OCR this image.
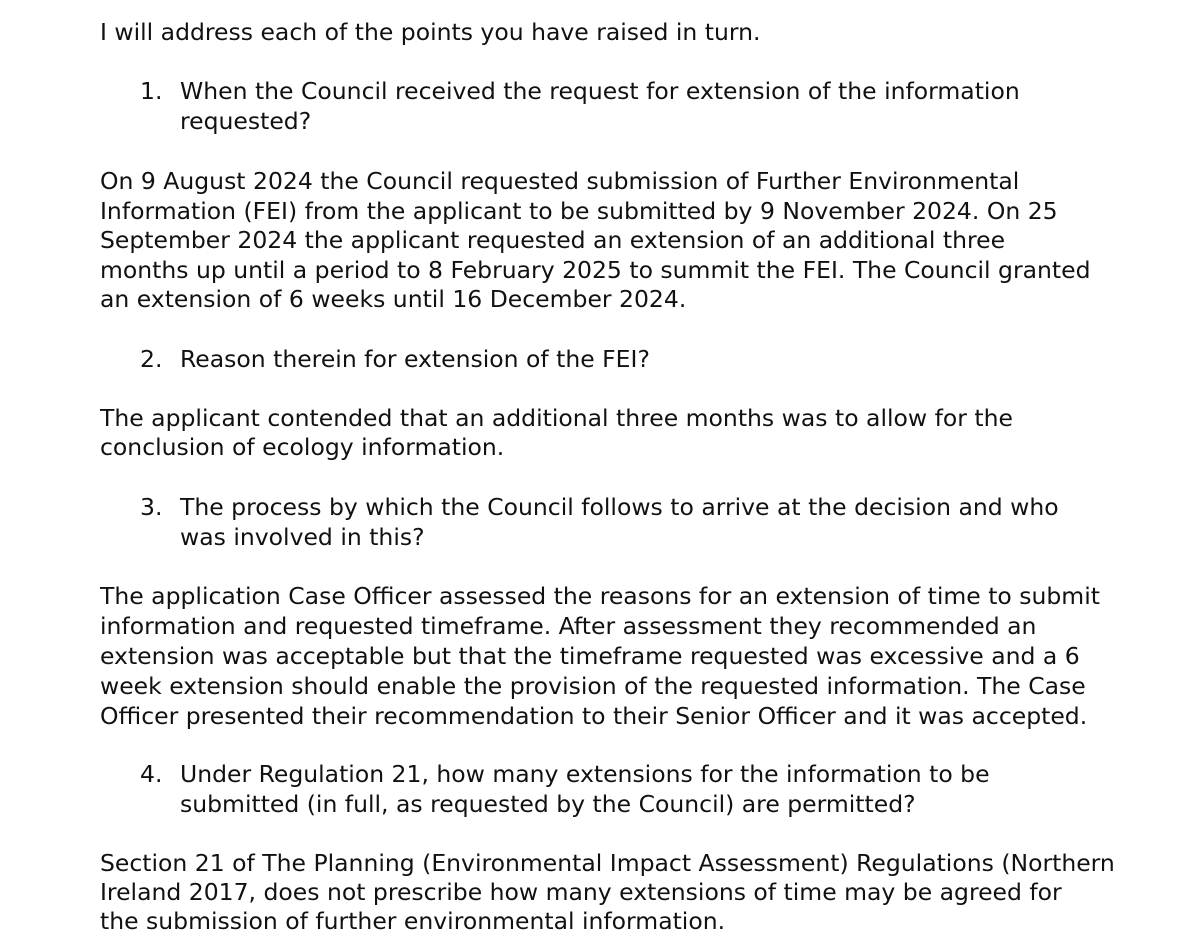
I will address each of the points you have raised in turn.

1. When the Council received the request for extension of the information

requested?

On 9 August 2024 the Council requested submission of Further Environmental

Information (FEI) from the applicant to be submitted by 9 November 2024. On 25

September 2024 the applicant requested an extension of an additional three

months up until a period to 8 February 2025 to summit the FEI. The Council granted

an extension of 6 weeks until 16 December 2024.

2. Reason therein for extension of the FEI?

The applicant contended that an additional three months was to allow for the

conclusion of ecology information.

3. The process by which the Council follows to arrive at the decision and who

was involved in this?

The application Case Officer assessed the reasons for an extension of time to submit

information and requested timeframe. After assessment they recommended an

extension was acceptable but that the timeframe requested was excessive and a 6

week extension should enable the provision of the requested information. The Case

Officer presented their recommendation to their Senior Officer and it was accepted.

4. Under Regulation 21, how many extensions for the information to be

submitted (in full, as requested by the Council) are permitted?

Section 21 of The Planning (Environmental Impact Assessment) Regulations (Northern

Ireland 2017, does not prescribe how many extensions of time may be agreed for

the submission of further environmental information.
